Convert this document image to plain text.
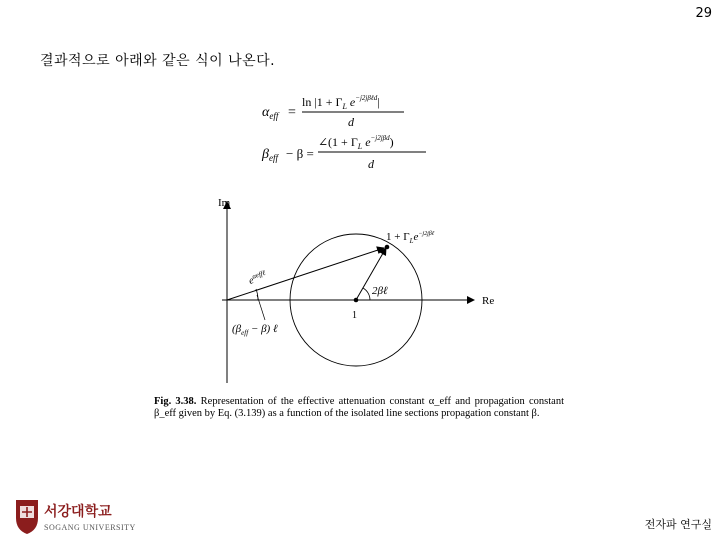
29
결과적으로 아래와 같은 식이 나온다.
$\alpha_{eff}$ =
$\ln |1 + \Gamma_L$ $e^{-j2j\beta\ell d}|$
d
$\beta_{eff} - \beta$ =
∠(1 + $\Gamma_L$ $e^{-j2j\beta d}$)
d
Im
Re
1
$1 + \Gamma_Le^{-j2j\beta\ell}$
2βℓ
$e^{\alpha eff\ell}$
$(\beta_{eff} - \beta)$ ℓ
Fig. 3.38. Representation of the effective attenuation constant α_eff and propagation constant β_eff given by Eq. (3.139) as a function of the isolated line sections propagation constant β.
서강대학교
SOGANG UNIVERSITY	전자파 연구실
